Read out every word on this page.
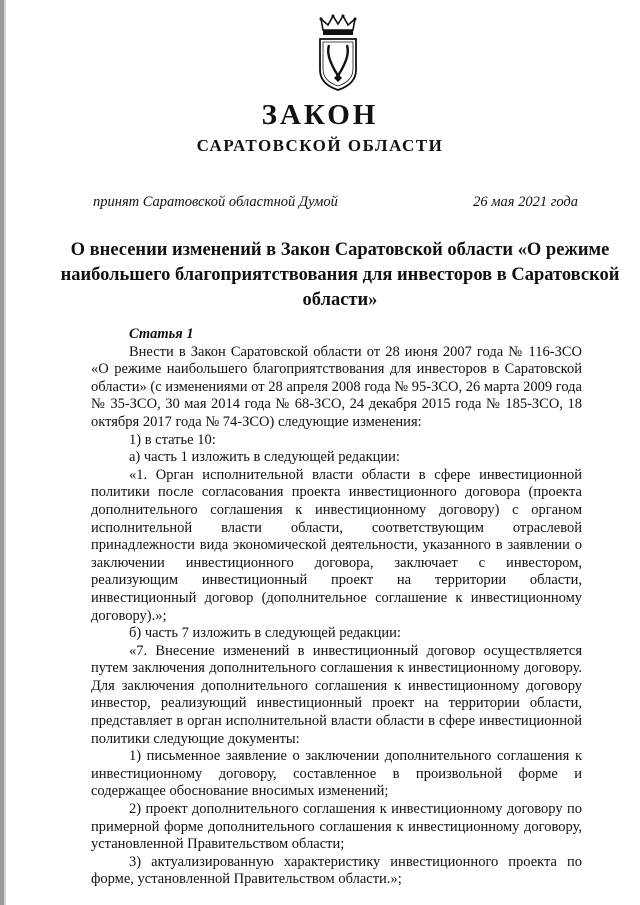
ЗАКОН
САРАТОВСКОЙ ОБЛАСТИ
принят Саратовской областной Думой	26 мая 2021 года
О внесении изменений в Закон Саратовской области «О режиме наибольшего благоприятствования для инвесторов в Саратовской области»

Статья 1

Внести в Закон Саратовской области от 28 июня 2007 года № 116-ЗСО «О режиме наибольшего благоприятствования для инвесторов в Саратовской области» (с изменениями от 28 апреля 2008 года № 95-ЗСО, 26 марта 2009 года № 35-ЗСО, 30 мая 2014 года № 68-ЗСО, 24 декабря 2015 года № 185-ЗСО, 18 октября 2017 года № 74-ЗСО) следующие изменения:

1) в статье 10:

а) часть 1 изложить в следующей редакции:

«1. Орган исполнительной власти области в сфере инвестиционной политики после согласования проекта инвестиционного договора (проекта дополнительного соглашения к инвестиционному договору) с органом исполнительной власти области, соответствующим отраслевой принадлежности вида экономической деятельности, указанного в заявлении о заключении инвестиционного договора, заключает с инвестором, реализующим инвестиционный проект на территории области, инвестиционный договор (дополнительное соглашение к инвестиционному договору).»;

б) часть 7 изложить в следующей редакции:

«7. Внесение изменений в инвестиционный договор осуществляется путем заключения дополнительного соглашения к инвестиционному договору. Для заключения дополнительного соглашения к инвестиционному договору инвестор, реализующий инвестиционный проект на территории области, представляет в орган исполнительной власти области в сфере инвестиционной политики следующие документы:

1) письменное заявление о заключении дополнительного соглашения к инвестиционному договору, составленное в произвольной форме и содержащее обоснование вносимых изменений;

2) проект дополнительного соглашения к инвестиционному договору по примерной форме дополнительного соглашения к инвестиционному договору, установленной Правительством области;

3) актуализированную характеристику инвестиционного проекта по форме, установленной Правительством области.»;
